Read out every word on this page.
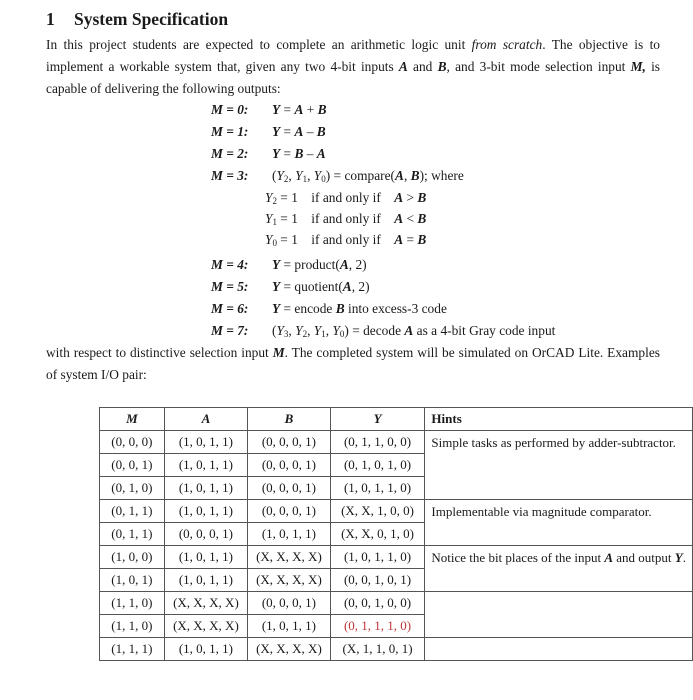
1 System Specification
In this project students are expected to complete an arithmetic logic unit from scratch. The objective is to implement a workable system that, given any two 4-bit inputs A and B, and 3-bit mode selection input M, is capable of delivering the following outputs:
M = 0: Y = A + B
M = 1: Y = A – B
M = 2: Y = B – A
M = 3: ($Y_2$, $Y_1$, $Y_0$) = compare(A, B); where
$Y_2 = 1$    if and only if    A > B
$Y_1 = 1$    if and only if    A < B
$Y_0 = 1$    if and only if    A = B
M = 4: Y = product(A, 2)
M = 5: Y = quotient(A, 2)
M = 6: Y = encode B into excess-3 code
M = 7: ($Y_3$, $Y_2$, $Y_1$, $Y_0$) = decode A as a 4-bit Gray code input
with respect to distinctive selection input M. The completed system will be simulated on OrCAD Lite. Examples of system I/O pair:
M	A	B	Y	Hints
(0, 0, 0)	(1, 0, 1, 1)	(0, 0, 0, 1)	(0, 1, 1, 0, 0)	Simple tasks as performed by adder-subtractor.
(0, 0, 1)	(1, 0, 1, 1)	(0, 0, 0, 1)	(0, 1, 0, 1, 0)	
(0, 1, 0)	(1, 0, 1, 1)	(0, 0, 0, 1)	(1, 0, 1, 1, 0)	
(0, 1, 1)	(1, 0, 1, 1)	(0, 0, 0, 1)	(X, X, 1, 0, 0)	Implementable via magnitude comparator.
(0, 1, 1)	(0, 0, 0, 1)	(1, 0, 1, 1)	(X, X, 0, 1, 0)	
(1, 0, 0)	(1, 0, 1, 1)	(X, X, X, X)	(1, 0, 1, 1, 0)	Notice the bit places of the input A and output Y.
(1, 0, 1)	(1, 0, 1, 1)	(X, X, X, X)	(0, 0, 1, 0, 1)	
(1, 1, 0)	(X, X, X, X)	(0, 0, 0, 1)	(0, 0, 1, 0, 0)	
(1, 1, 0)	(X, X, X, X)	(1, 0, 1, 1)	(0, 1, 1, 1, 0)	
(1, 1, 1)	(1, 0, 1, 1)	(X, X, X, X)	(X, 1, 1, 0, 1)	
